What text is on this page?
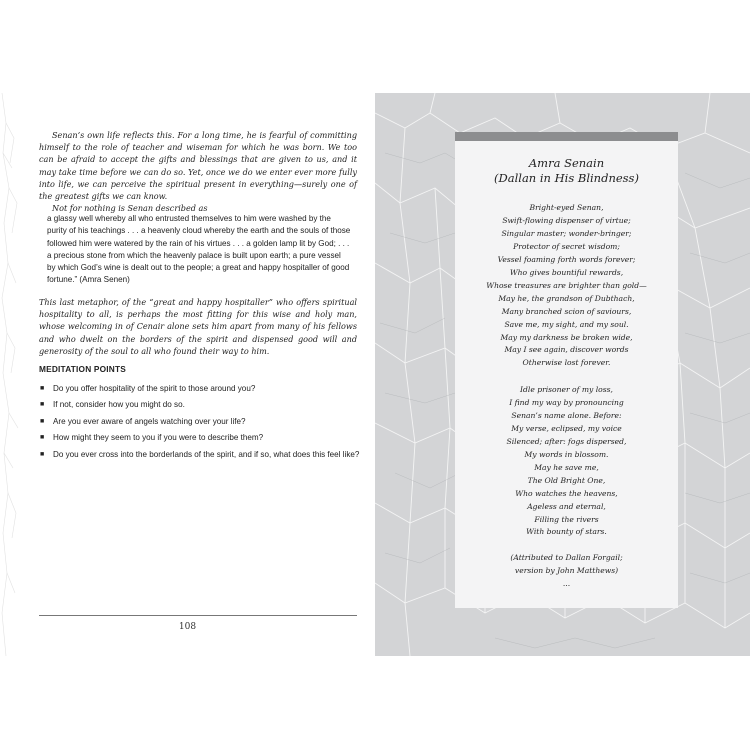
Senan’s own life reflects this. For a long time, he is fearful of committing himself to the role of teacher and wiseman for which he was born. We too can be afraid to accept the gifts and blessings that are given to us, and it may take time before we can do so. Yet, once we do we enter ever more fully into life, we can perceive the spiritual present in everything—surely one of the greatest gifts we can know.

Not for nothing is Senan described as

a glassy well whereby all who entrusted themselves to him were washed by the purity of his teachings . . . a heavenly cloud whereby the earth and the souls of those followed him were watered by the rain of his virtues . . . a golden lamp lit by God; . . . a precious stone from which the heavenly palace is built upon earth; a pure vessel by which God’s wine is dealt out to the people; a great and happy hospitaller of good fortune.” (Amra Senen)

This last metaphor, of the “great and happy hospitaller” who offers spiritual hospitality to all, is perhaps the most fitting for this wise and holy man, whose welcoming in of Cenair alone sets him apart from many of his fellows and who dwelt on the borders of the spirit and dispensed good will and generosity of the soul to all who found their way to him.

MEDITATION POINTS
■ Do you offer hospitality of the spirit to those around you?
■ If not, consider how you might do so.
■ Are you ever aware of angels watching over your life?
■ How might they seem to you if you were to describe them?
■ Do you ever cross into the borderlands of the spirit, and if so, what does this feel like?
108
Amra Senain
(Dallan in His Blindness)
Bright-eyed Senan,
Swift-flowing dispenser of virtue;
Singular master; wonder-bringer;
Protector of secret wisdom;
Vessel foaming forth words forever;
Who gives bountiful rewards,
Whose treasures are brighter than gold—
May he, the grandson of Dubthach,
Many branched scion of saviours,
Save me, my sight, and my soul.
May my darkness be broken wide,
May I see again, discover words
Otherwise lost forever.
Idle prisoner of my loss,
I find my way by pronouncing
Senan’s name alone. Before:
My verse, eclipsed, my voice
Silenced; after: fogs dispersed,
My words in blossom.
May he save me,
The Old Bright One,
Who watches the heavens,
Ageless and eternal,
Filling the rivers
With bounty of stars.
(Attributed to Dallan Forgail;
version by John Matthews)
...
